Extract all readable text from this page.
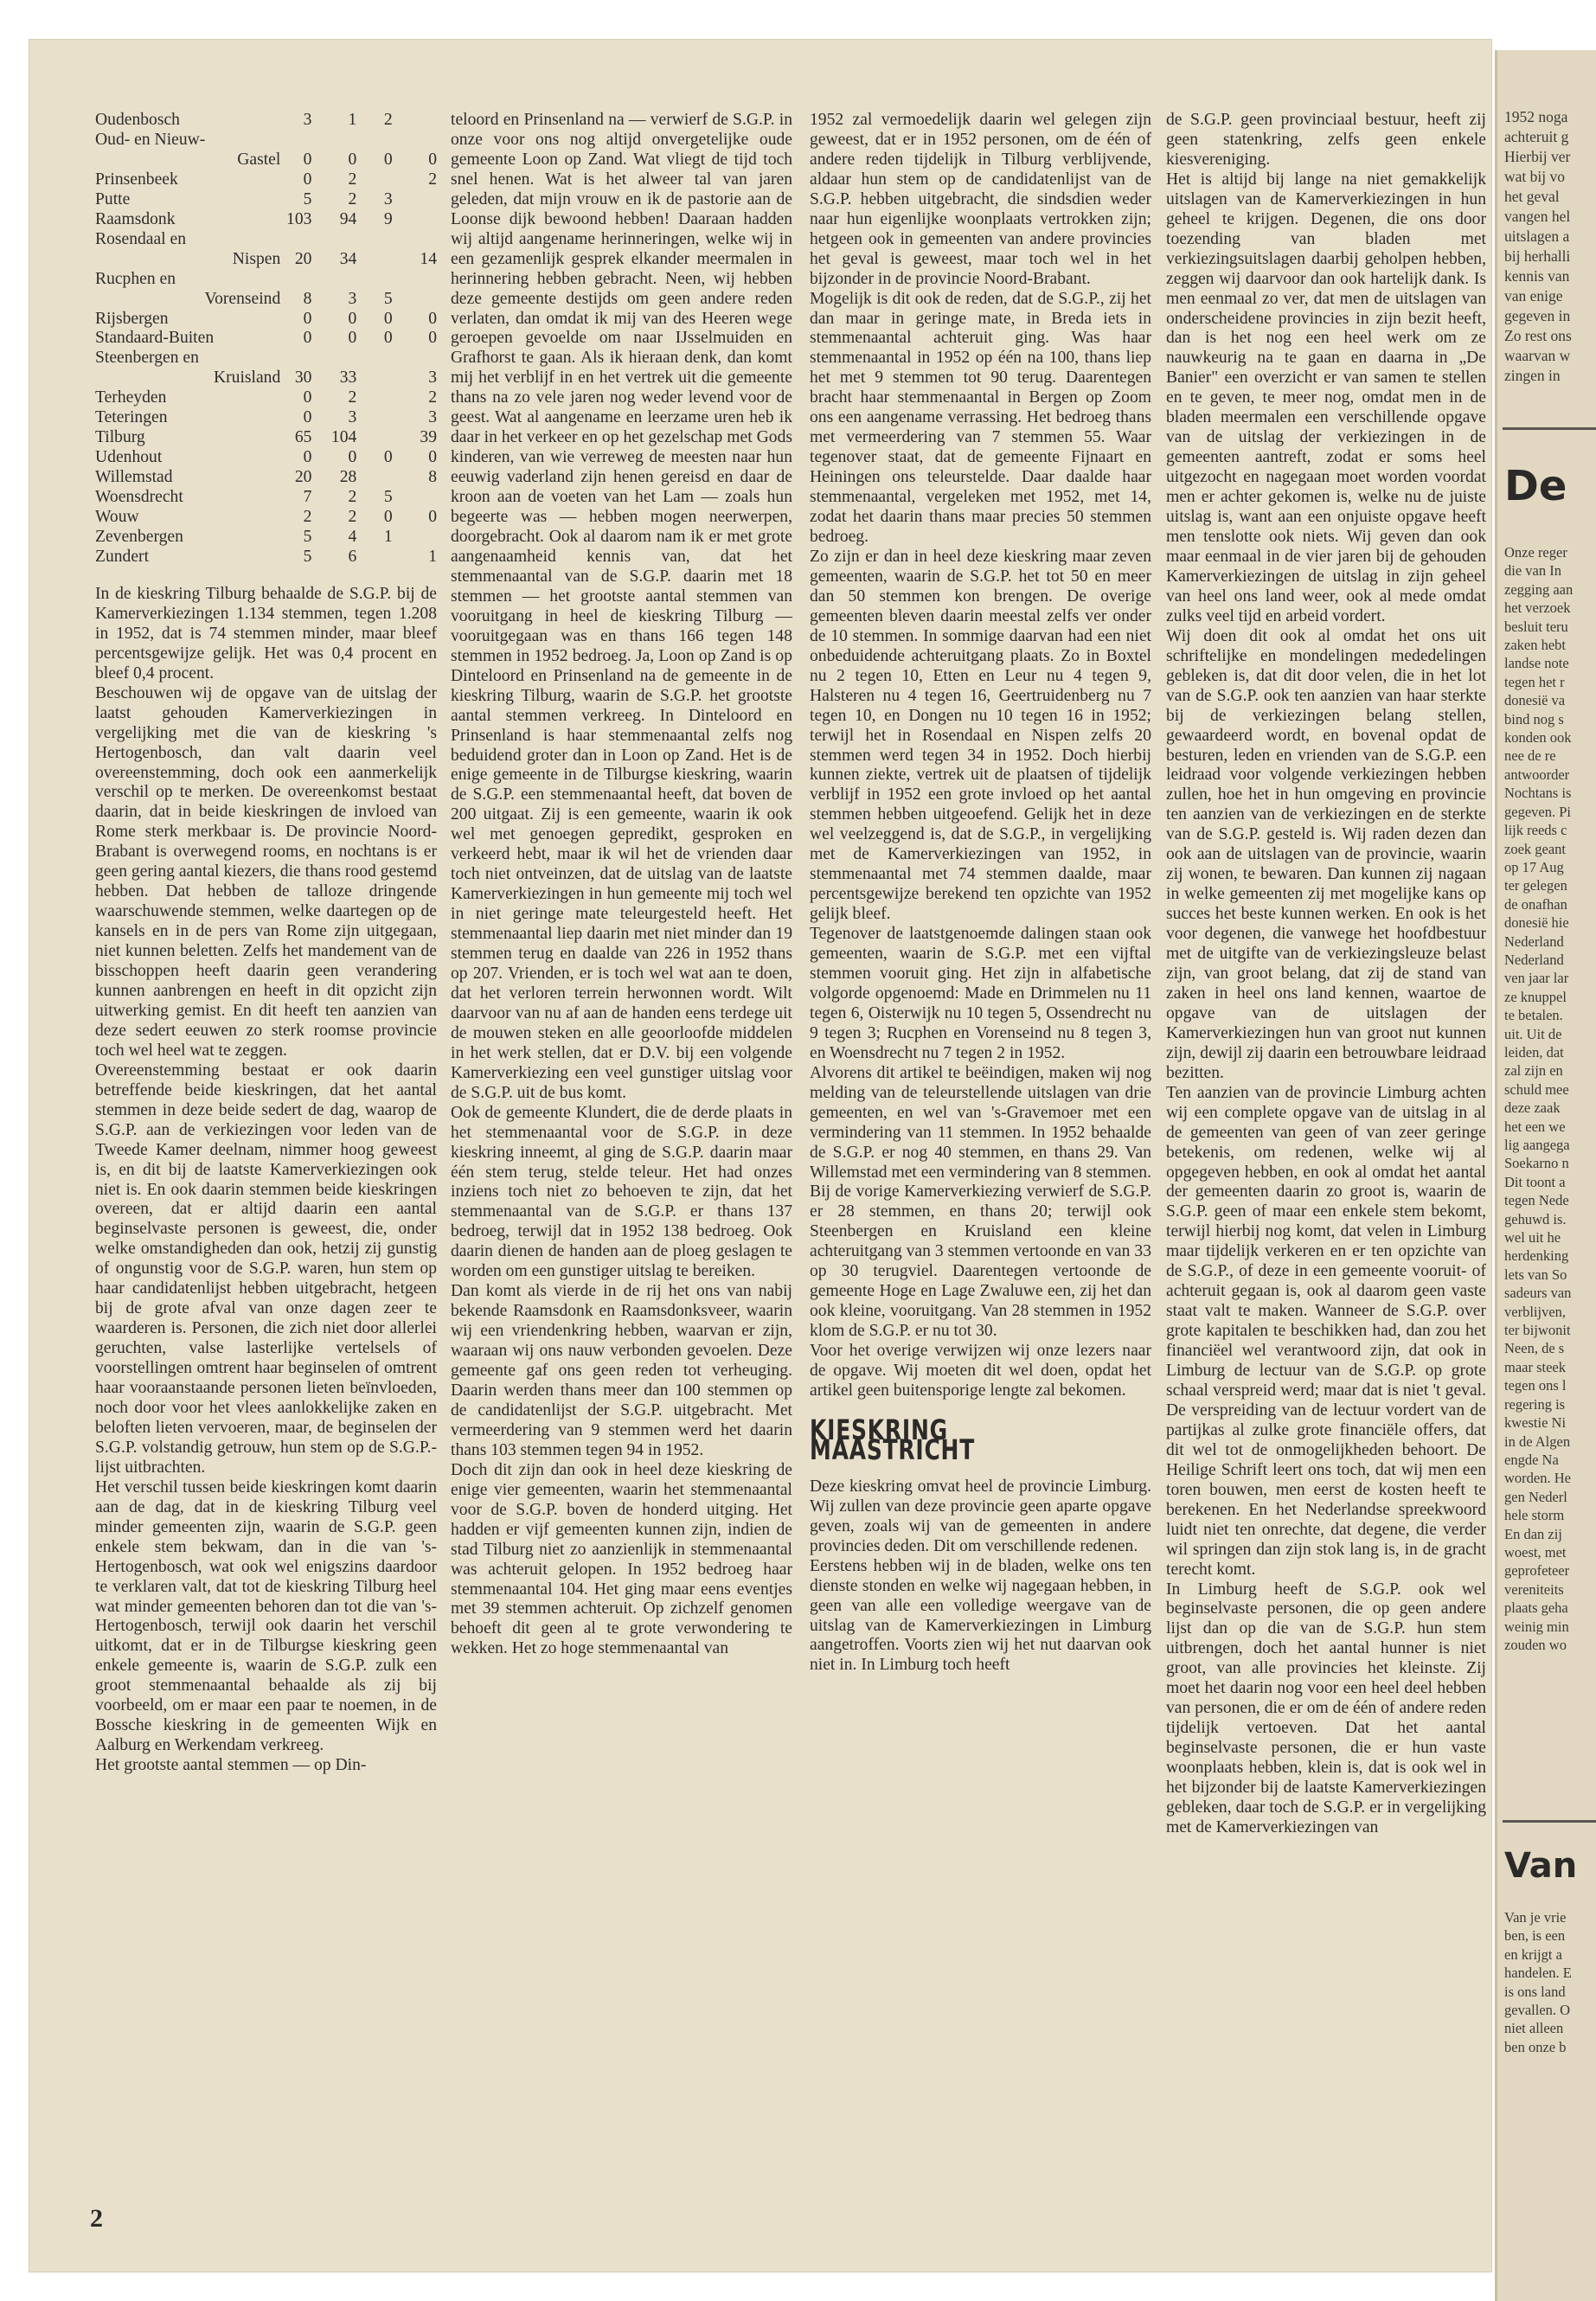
Oudenbosch	3	1	2	
Oud- en Nieuw-				
Gastel	0	0	0	0
Prinsenbeek	0	2		2
Putte	5	2	3	
Raamsdonk	103	94	9	
Rosendaal en				
Nispen	20	34		14
Rucphen en				
Vorenseind	8	3	5	
Rijsbergen	0	0	0	0
Standaard-Buiten	0	0	0	0
Steenbergen en				
Kruisland	30	33		3
Terheyden	0	2		2
Teteringen	0	3		3
Tilburg	65	104		39
Udenhout	0	0	0	0
Willemstad	20	28		8
Woensdrecht	7	2	5	
Wouw	2	2	0	0
Zevenbergen	5	4	1	
Zundert	5	6		1

In de kieskring Tilburg behaalde de S.G.P. bij de Kamerverkiezingen 1.134 stemmen, tegen 1.208 in 1952, dat is 74 stemmen minder, maar bleef percentsgewijze gelijk. Het was 0,4 procent en bleef 0,4 procent.

Beschouwen wij de opgave van de uitslag der laatst gehouden Kamerverkiezingen in vergelijking met die van de kieskring 's Hertogenbosch, dan valt daarin veel overeenstemming, doch ook een aanmerkelijk verschil op te merken. De overeenkomst bestaat daarin, dat in beide kieskringen de invloed van Rome sterk merkbaar is. De provincie Noord-Brabant is overwegend rooms, en nochtans is er geen gering aantal kiezers, die thans rood gestemd hebben. Dat hebben de talloze dringende waarschuwende stemmen, welke daartegen op de kansels en in de pers van Rome zijn uitgegaan, niet kunnen beletten. Zelfs het mandement van de bisschoppen heeft daarin geen verandering kunnen aanbrengen en heeft in dit opzicht zijn uitwerking gemist. En dit heeft ten aanzien van deze sedert eeuwen zo sterk roomse provincie toch wel heel wat te zeggen.

Overeenstemming bestaat er ook daarin betreffende beide kieskringen, dat het aantal stemmen in deze beide sedert de dag, waarop de S.G.P. aan de verkiezingen voor leden van de Tweede Kamer deelnam, nimmer hoog geweest is, en dit bij de laatste Kamerverkiezingen ook niet is. En ook daarin stemmen beide kieskringen overeen, dat er altijd daarin een aantal beginselvaste personen is geweest, die, onder welke omstandigheden dan ook, hetzij zij gunstig of ongunstig voor de S.G.P. waren, hun stem op haar candidatenlijst hebben uitgebracht, hetgeen bij de grote afval van onze dagen zeer te waarderen is. Personen, die zich niet door allerlei geruchten, valse lasterlijke vertelsels of voorstellingen omtrent haar beginselen of omtrent haar vooraanstaande personen lieten beïnvloeden, noch door voor het vlees aanlokkelijke zaken en beloften lieten vervoeren, maar, de beginselen der S.G.P. volstandig getrouw, hun stem op de S.G.P.-lijst uitbrachten.

Het verschil tussen beide kieskringen komt daarin aan de dag, dat in de kieskring Tilburg veel minder gemeenten zijn, waarin de S.G.P. geen enkele stem bekwam, dan in die van 's-Hertogenbosch, wat ook wel enigszins daardoor te verklaren valt, dat tot de kieskring Tilburg heel wat minder gemeenten behoren dan tot die van 's-Hertogenbosch, terwijl ook daarin het verschil uitkomt, dat er in de Tilburgse kieskring geen enkele gemeente is, waarin de S.G.P. zulk een groot stemmenaantal behaalde als zij bij voorbeeld, om er maar een paar te noemen, in de Bossche kieskring in de gemeenten Wijk en Aalburg en Werkendam verkreeg.

Het grootste aantal stemmen — op Din-

teloord en Prinsenland na — verwierf de S.G.P. in onze voor ons nog altijd onvergetelijke oude gemeente Loon op Zand. Wat vliegt de tijd toch snel henen. Wat is het alweer tal van jaren geleden, dat mijn vrouw en ik de pastorie aan de Loonse dijk bewoond hebben! Daaraan hadden wij altijd aangename herinneringen, welke wij in een gezamenlijk gesprek elkander meermalen in herinnering hebben gebracht. Neen, wij hebben deze gemeente destijds om geen andere reden verlaten, dan omdat ik mij van des Heeren wege geroepen gevoelde om naar IJsselmuiden en Grafhorst te gaan. Als ik hieraan denk, dan komt mij het verblijf in en het vertrek uit die gemeente thans na zo vele jaren nog weder levend voor de geest. Wat al aangename en leerzame uren heb ik daar in het verkeer en op het gezelschap met Gods kinderen, van wie verreweg de meesten naar hun eeuwig vaderland zijn henen gereisd en daar de kroon aan de voeten van het Lam — zoals hun begeerte was — hebben mogen neerwerpen, doorgebracht. Ook al daarom nam ik er met grote aangenaamheid kennis van, dat het stemmenaantal van de S.G.P. daarin met 18 stemmen — het grootste aantal stemmen van vooruitgang in heel de kieskring Tilburg — vooruitgegaan was en thans 166 tegen 148 stemmen in 1952 bedroeg. Ja, Loon op Zand is op Dinteloord en Prinsenland na de gemeente in de kieskring Tilburg, waarin de S.G.P. het grootste aantal stemmen verkreeg. In Dinteloord en Prinsenland is haar stemmenaantal zelfs nog beduidend groter dan in Loon op Zand. Het is de enige gemeente in de Tilburgse kieskring, waarin de S.G.P. een stemmenaantal heeft, dat boven de 200 uitgaat. Zij is een gemeente, waarin ik ook wel met genoegen gepredikt, gesproken en verkeerd hebt, maar ik wil het de vrienden daar toch niet ontveinzen, dat de uitslag van de laatste Kamerverkiezingen in hun gemeente mij toch wel in niet geringe mate teleurgesteld heeft. Het stemmenaantal liep daarin met niet minder dan 19 stemmen terug en daalde van 226 in 1952 thans op 207. Vrienden, er is toch wel wat aan te doen, dat het verloren terrein herwonnen wordt. Wilt daarvoor van nu af aan de handen eens terdege uit de mouwen steken en alle geoorloofde middelen in het werk stellen, dat er D.V. bij een volgende Kamerverkiezing een veel gunstiger uitslag voor de S.G.P. uit de bus komt.

Ook de gemeente Klundert, die de derde plaats in het stemmenaantal voor de S.G.P. in deze kieskring inneemt, al ging de S.G.P. daarin maar één stem terug, stelde teleur. Het had onzes inziens toch niet zo behoeven te zijn, dat het stemmenaantal van de S.G.P. er thans 137 bedroeg, terwijl dat in 1952 138 bedroeg. Ook daarin dienen de handen aan de ploeg geslagen te worden om een gunstiger uitslag te bereiken.

Dan komt als vierde in de rij het ons van nabij bekende Raamsdonk en Raamsdonksveer, waarin wij een vriendenkring hebben, waarvan er zijn, waaraan wij ons nauw verbonden gevoelen. Deze gemeente gaf ons geen reden tot verheuging. Daarin werden thans meer dan 100 stemmen op de candidatenlijst der S.G.P. uitgebracht. Met vermeerdering van 9 stemmen werd het daarin thans 103 stemmen tegen 94 in 1952.

Doch dit zijn dan ook in heel deze kieskring de enige vier gemeenten, waarin het stemmenaantal voor de S.G.P. boven de honderd uitging. Het hadden er vijf gemeenten kunnen zijn, indien de stad Tilburg niet zo aanzienlijk in stemmenaantal was achteruit gelopen. In 1952 bedroeg haar stemmenaantal 104. Het ging maar eens eventjes met 39 stemmen achteruit. Op zichzelf genomen behoeft dit geen al te grote verwondering te wekken. Het zo hoge stemmenaantal van

1952 zal vermoedelijk daarin wel gelegen zijn geweest, dat er in 1952 personen, om de één of andere reden tijdelijk in Tilburg verblijvende, aldaar hun stem op de candidatenlijst van de S.G.P. hebben uitgebracht, die sindsdien weder naar hun eigenlijke woonplaats vertrokken zijn; hetgeen ook in gemeenten van andere provincies het geval is geweest, maar toch wel in het bijzonder in de provincie Noord-Brabant.

Mogelijk is dit ook de reden, dat de S.G.P., zij het dan maar in geringe mate, in Breda iets in stemmenaantal achteruit ging. Was haar stemmenaantal in 1952 op één na 100, thans liep het met 9 stemmen tot 90 terug. Daarentegen bracht haar stemmenaantal in Bergen op Zoom ons een aangename verrassing. Het bedroeg thans met vermeerdering van 7 stemmen 55. Waar tegenover staat, dat de gemeente Fijnaart en Heiningen ons teleurstelde. Daar daalde haar stemmenaantal, vergeleken met 1952, met 14, zodat het daarin thans maar precies 50 stemmen bedroeg.

Zo zijn er dan in heel deze kieskring maar zeven gemeenten, waarin de S.G.P. het tot 50 en meer dan 50 stemmen kon brengen. De overige gemeenten bleven daarin meestal zelfs ver onder de 10 stemmen. In sommige daarvan had een niet onbeduidende achteruitgang plaats. Zo in Boxtel nu 2 tegen 10, Etten en Leur nu 4 tegen 9, Halsteren nu 4 tegen 16, Geertruidenberg nu 7 tegen 10, en Dongen nu 10 tegen 16 in 1952; terwijl het in Rosendaal en Nispen zelfs 20 stemmen werd tegen 34 in 1952. Doch hierbij kunnen ziekte, vertrek uit de plaatsen of tijdelijk verblijf in 1952 een grote invloed op het aantal stemmen hebben uitgeoefend. Gelijk het in deze wel veelzeggend is, dat de S.G.P., in vergelijking met de Kamerverkiezingen van 1952, in stemmenaantal met 74 stemmen daalde, maar percentsgewijze berekend ten opzichte van 1952 gelijk bleef.

Tegenover de laatstgenoemde dalingen staan ook gemeenten, waarin de S.G.P. met een vijftal stemmen vooruit ging. Het zijn in alfabetische volgorde opgenoemd: Made en Drimmelen nu 11 tegen 6, Oisterwijk nu 10 tegen 5, Ossendrecht nu 9 tegen 3; Rucphen en Vorenseind nu 8 tegen 3, en Woensdrecht nu 7 tegen 2 in 1952.

Alvorens dit artikel te beëindigen, maken wij nog melding van de teleurstellende uitslagen van drie gemeenten, en wel van 's-Gravemoer met een vermindering van 11 stemmen. In 1952 behaalde de S.G.P. er nog 40 stemmen, en thans 29. Van Willemstad met een vermindering van 8 stemmen. Bij de vorige Kamerverkiezing verwierf de S.G.P. er 28 stemmen, en thans 20; terwijl ook Steenbergen en Kruisland een kleine achteruitgang van 3 stemmen vertoonde en van 33 op 30 terugviel. Daarentegen vertoonde de gemeente Hoge en Lage Zwaluwe een, zij het dan ook kleine, vooruitgang. Van 28 stemmen in 1952 klom de S.G.P. er nu tot 30.

Voor het overige verwijzen wij onze lezers naar de opgave. Wij moeten dit wel doen, opdat het artikel geen buitensporige lengte zal bekomen.

KIESKRING MAASTRICHT

Deze kieskring omvat heel de provincie Limburg. Wij zullen van deze provincie geen aparte opgave geven, zoals wij van de gemeenten in andere provincies deden. Dit om verschillende redenen.

Eerstens hebben wij in de bladen, welke ons ten dienste stonden en welke wij nagegaan hebben, in geen van alle een volledige weergave van de uitslag van de Kamerverkiezingen in Limburg aangetroffen. Voorts zien wij het nut daarvan ook niet in. In Limburg toch heeft

de S.G.P. geen provinciaal bestuur, heeft zij geen statenkring, zelfs geen enkele kiesvereniging.

Het is altijd bij lange na niet gemakkelijk uitslagen van de Kamerverkiezingen in hun geheel te krijgen. Degenen, die ons door toezending van bladen met verkiezingsuitslagen daarbij geholpen hebben, zeggen wij daarvoor dan ook hartelijk dank. Is men eenmaal zo ver, dat men de uitslagen van onderscheidene provincies in zijn bezit heeft, dan is het nog een heel werk om ze nauwkeurig na te gaan en daarna in „De Banier" een overzicht er van samen te stellen en te geven, te meer nog, omdat men in de bladen meermalen een verschillende opgave van de uitslag der verkiezingen in de gemeenten aantreft, zodat er soms heel uitgezocht en nagegaan moet worden voordat men er achter gekomen is, welke nu de juiste uitslag is, want aan een onjuiste opgave heeft men tenslotte ook niets. Wij geven dan ook maar eenmaal in de vier jaren bij de gehouden Kamerverkiezingen de uitslag in zijn geheel van heel ons land weer, ook al mede omdat zulks veel tijd en arbeid vordert.

Wij doen dit ook al omdat het ons uit schriftelijke en mondelingen mededelingen gebleken is, dat dit door velen, die in het lot van de S.G.P. ook ten aanzien van haar sterkte bij de verkiezingen belang stellen, gewaardeerd wordt, en bovenal opdat de besturen, leden en vrienden van de S.G.P. een leidraad voor volgende verkiezingen hebben zullen, hoe het in hun omgeving en provincie ten aanzien van de verkiezingen en de sterkte van de S.G.P. gesteld is. Wij raden dezen dan ook aan de uitslagen van de provincie, waarin zij wonen, te bewaren. Dan kunnen zij nagaan in welke gemeenten zij met mogelijke kans op succes het beste kunnen werken. En ook is het voor degenen, die vanwege het hoofdbestuur met de uitgifte van de verkiezingsleuze belast zijn, van groot belang, dat zij de stand van zaken in heel ons land kennen, waartoe de opgave van de uitslagen der Kamerverkiezingen hun van groot nut kunnen zijn, dewijl zij daarin een betrouwbare leidraad bezitten.

Ten aanzien van de provincie Limburg achten wij een complete opgave van de uitslag in al de gemeenten van geen of van zeer geringe betekenis, om redenen, welke wij al opgegeven hebben, en ook al omdat het aantal der gemeenten daarin zo groot is, waarin de S.G.P. geen of maar een enkele stem bekomt, terwijl hierbij nog komt, dat velen in Limburg maar tijdelijk verkeren en er ten opzichte van de S.G.P., of deze in een gemeente vooruit- of achteruit gegaan is, ook al daarom geen vaste staat valt te maken. Wanneer de S.G.P. over grote kapitalen te beschikken had, dan zou het financiëel wel verantwoord zijn, dat ook in Limburg de lectuur van de S.G.P. op grote schaal verspreid werd; maar dat is niet 't geval. De verspreiding van de lectuur vordert van de partijkas al zulke grote financiële offers, dat dit wel tot de onmogelijkheden behoort. De Heilige Schrift leert ons toch, dat wij men een toren bouwen, men eerst de kosten heeft te berekenen. En het Nederlandse spreekwoord luidt niet ten onrechte, dat degene, die verder wil springen dan zijn stok lang is, in de gracht terecht komt.

In Limburg heeft de S.G.P. ook wel beginselvaste personen, die op geen andere lijst dan op die van de S.G.P. hun stem uitbrengen, doch het aantal hunner is niet groot, van alle provincies het kleinste. Zij moet het daarin nog voor een heel deel hebben van personen, die er om de één of andere reden tijdelijk vertoeven. Dat het aantal beginselvaste personen, die er hun vaste woonplaats hebben, klein is, dat is ook wel in het bijzonder bij de laatste Kamerverkiezingen gebleken, daar toch de S.G.P. er in vergelijking met de Kamerverkiezingen van

2
1952 noga
achteruit g
Hierbij ver
wat bij vo
het geval
vangen hel
uitslagen a
bij herhalli
kennis van
van enige
gegeven in
Zo rest ons
waarvan w
zingen in
De
Onze reger
die van In
zegging aan
het verzoek
besluit teru
zaken hebt
landse note
tegen het r
donesië va
bind nog s
konden ook
nee de re
antwoorder
Nochtans is
gegeven. Pi
lijk reeds c
zoek geant
op 17 Aug
ter gelegen
de onafhan
donesië hie
Nederland
Nederland
ven jaar lar
ze knuppel
te betalen.
uit. Uit de
leiden, dat
zal zijn en
schuld mee
deze zaak
het een we
lig aangega
Soekarno n
Dit toont a
tegen Nede
gehuwd is.
wel uit he
herdenking
lets van So
sadeurs van
verblijven,
ter bijwonit
Neen, de s
maar steek
tegen ons l
regering is
kwestie Ni
in de Algen
engde Na
worden. He
gen Nederl
hele storm
En dan zij
woest, met
geprofeteer
vereniteits
plaats geha
weinig min
zouden wo
Van
Van je vrie
ben, is een
en krijgt a
handelen. E
is ons land
gevallen. O
niet alleen
ben onze b
